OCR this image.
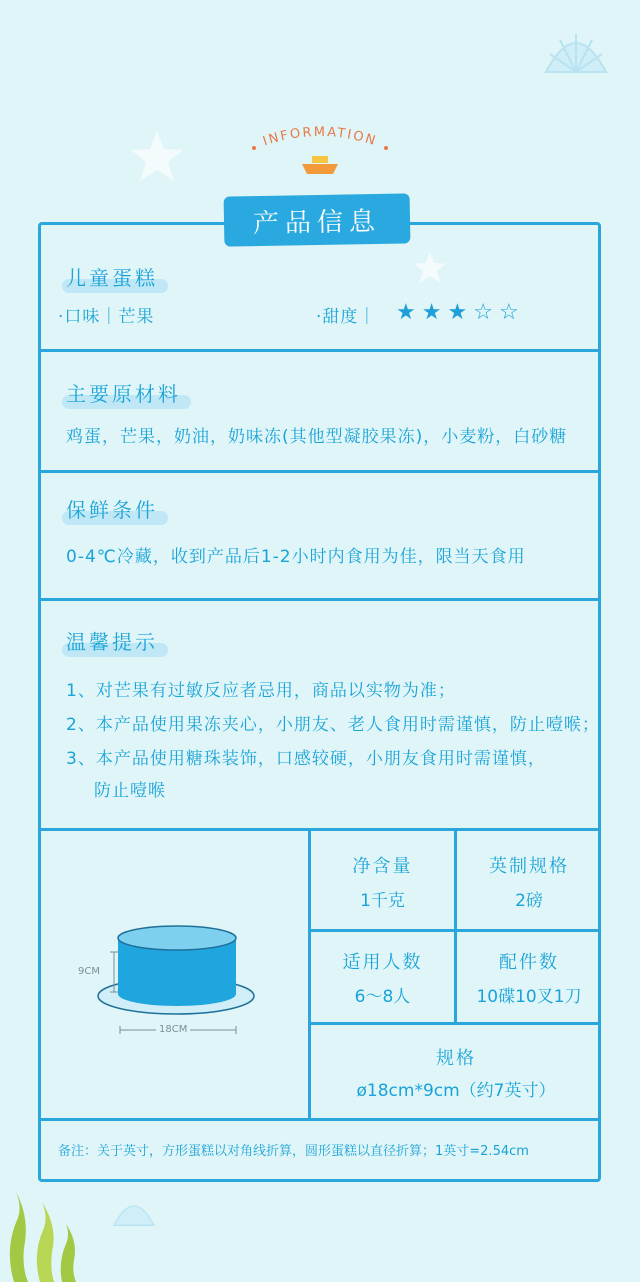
INFORMATION
产品信息
儿童蛋糕
·口味｜芒果	·甜度｜ ★ ★ ★ ☆ ☆
主要原材料
鸡蛋，芒果，奶油，奶味冻(其他型凝胶果冻)，小麦粉，白砂糖
保鲜条件
0-4℃冷藏，收到产品后1-2小时内食用为佳，限当天食用
温馨提示
1、对芒果有过敏反应者忌用，商品以实物为准；
2、本产品使用果冻夹心，小朋友、老人食用时需谨慎，防止噎喉；
3、本产品使用糖珠装饰，口感较硬，小朋友食用时需谨慎，
防止噎喉
9CM
18CM
净含量
1千克
英制规格
2磅
适用人数
6～8人
配件数
10碟10叉1刀
规格
ø18cm*9cm（约7英寸）
备注：关于英寸，方形蛋糕以对角线折算，圆形蛋糕以直径折算；1英寸=2.54cm
